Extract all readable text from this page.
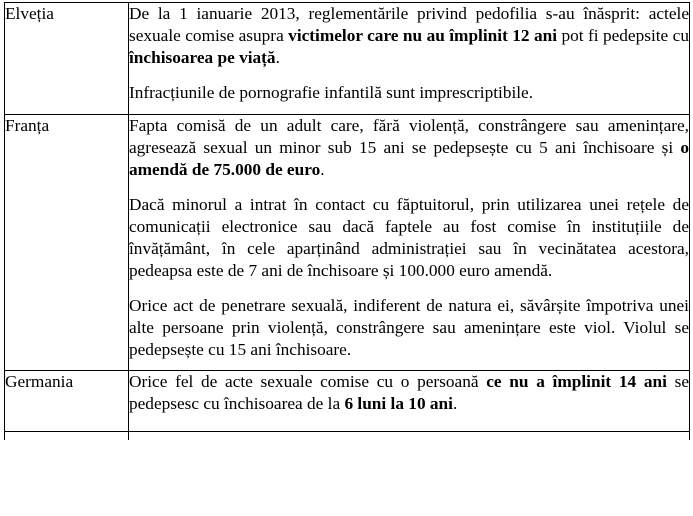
Elveția	De la 1 ianuarie 2013, reglementările privind pedofilia s-au înăsprit: actele sexuale comise asupra victimelor care nu au împlinit 12 ani pot fi pedepsite cu închisoarea pe viață.

Infracțiunile de pornografie infantilă sunt imprescriptibile.

Franța	Fapta comisă de un adult care, fără violență, constrângere sau amenințare, agresează sexual un minor sub 15 ani se pedepsește cu 5 ani închisoare și o amendă de 75.000 de euro.

Dacă minorul a intrat în contact cu făptuitorul, prin utilizarea unei rețele de comunicații electronice sau dacă faptele au fost comise în instituțiile de învățământ, în cele aparținând administrației sau în vecinătatea acestora, pedeapsa este de 7 ani de închisoare și 100.000 euro amendă.

Orice act de penetrare sexuală, indiferent de natura ei, săvârșite împotriva unei alte persoane prin violență, constrângere sau amenințare este viol. Violul se pedepsește cu 15 ani închisoare.

Germania	Orice fel de acte sexuale comise cu o persoană ce nu a împlinit 14 ani se pedepsesc cu închisoarea de la 6 luni la 10 ani.
